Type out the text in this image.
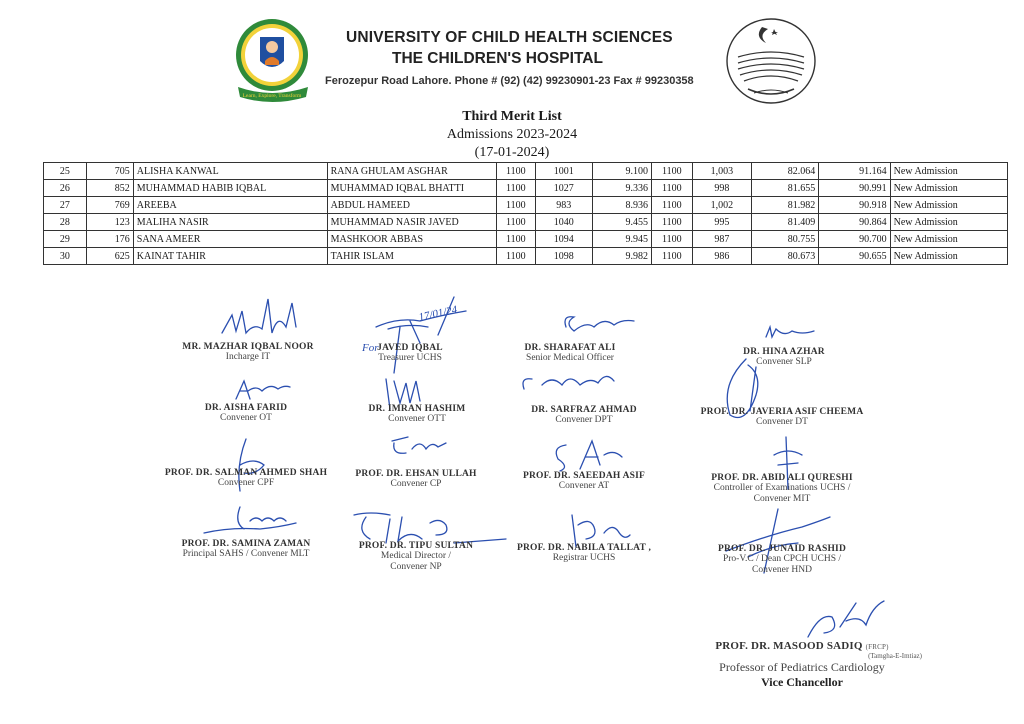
Learn, Explore, Transform
UNIVERSITY OF CHILD HEALTH SCIENCES
THE CHILDREN'S HOSPITAL
Ferozepur Road Lahore. Phone # (92) (42) 99230901-23 Fax # 99230358
Third Merit List
Admissions 2023-2024
(17-01-2024)
25	705	ALISHA KANWAL	RANA GHULAM ASGHAR	1100	1001	9.100	1100	1,003	82.064	91.164	New Admission
26	852	MUHAMMAD HABIB IQBAL	MUHAMMAD IQBAL BHATTI	1100	1027	9.336	1100	998	81.655	90.991	New Admission
27	769	AREEBA	ABDUL HAMEED	1100	983	8.936	1100	1,002	81.982	90.918	New Admission
28	123	MALIHA NASIR	MUHAMMAD NASIR JAVED	1100	1040	9.455	1100	995	81.409	90.864	New Admission
29	176	SANA AMEER	MASHKOOR ABBAS	1100	1094	9.945	1100	987	80.755	90.700	New Admission
30	625	KAINAT TAHIR	TAHIR ISLAM	1100	1098	9.982	1100	986	80.673	90.655	New Admission
For
17/01/24
MR. MAZHAR IQBAL NOOR
Incharge IT
JAVED IQBAL
Treasurer UCHS
DR. SHARAFAT ALI
Senior Medical Officer
DR. HINA AZHAR
Convener SLP
DR. AISHA FARID
Convener OT
DR. IMRAN HASHIM
Convener OTT
DR. SARFRAZ AHMAD
Convener DPT
PROF. DR. JAVERIA ASIF CHEEMA
Convener DT
PROF. DR. SALMAN AHMED SHAH
Convener CPF
PROF. DR. EHSAN ULLAH
Convener CP
PROF. DR. SAEEDAH ASIF
Convener AT
PROF. DR. ABID ALI QURESHI
Controller of Examinations UCHS /
Convener MIT
PROF. DR. SAMINA ZAMAN
Principal SAHS / Convener MLT
PROF. DR. TIPU SULTAN
Medical Director /
Convener NP
PROF. DR. NABILA TALLAT ,
Registrar UCHS
PROF. DR. JUNAID RASHID
Pro-V.C / Dean CPCH UCHS /
Convener HND
PROF. DR. MASOOD SADIQ (FRCP)
(Tamgha-E-Imtiaz)
Professor of Pediatrics Cardiology
Vice Chancellor
